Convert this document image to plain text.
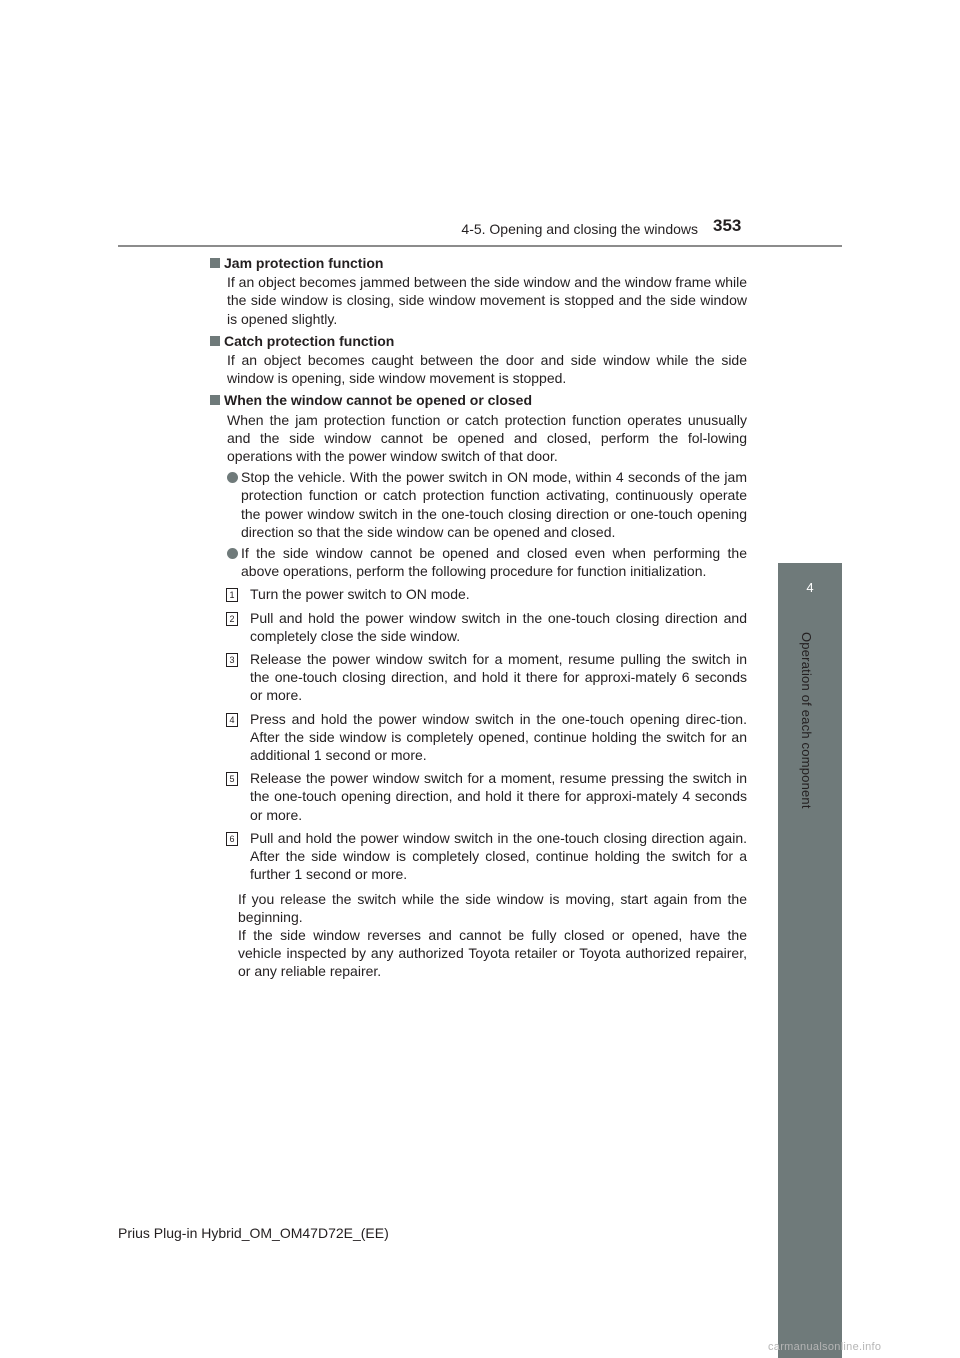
4-5. Opening and closing the windows 353
4
Operation of each component
Jam protection function
If an object becomes jammed between the side window and the window frame while the side window is closing, side window movement is stopped and the side window is opened slightly.
Catch protection function
If an object becomes caught between the door and side window while the side window is opening, side window movement is stopped.
When the window cannot be opened or closed
When the jam protection function or catch protection function operates unusually and the side window cannot be opened and closed, perform the fol-lowing operations with the power window switch of that door.
Stop the vehicle. With the power switch in ON mode, within 4 seconds of the jam protection function or catch protection function activating, continuously operate the power window switch in the one-touch closing direction or one-touch opening direction so that the side window can be opened and closed.
If the side window cannot be opened and closed even when performing the above operations, perform the following procedure for function initialization.
1 Turn the power switch to ON mode.
2 Pull and hold the power window switch in the one-touch closing direction and completely close the side window.
3 Release the power window switch for a moment, resume pulling the switch in the one-touch closing direction, and hold it there for approxi-mately 6 seconds or more.
4 Press and hold the power window switch in the one-touch opening direc-tion. After the side window is completely opened, continue holding the switch for an additional 1 second or more.
5 Release the power window switch for a moment, resume pressing the switch in the one-touch opening direction, and hold it there for approxi-mately 4 seconds or more.
6 Pull and hold the power window switch in the one-touch closing direction again. After the side window is completely closed, continue holding the switch for a further 1 second or more.
If you release the switch while the side window is moving, start again from the beginning.
If the side window reverses and cannot be fully closed or opened, have the vehicle inspected by any authorized Toyota retailer or Toyota authorized repairer, or any reliable repairer.
Prius Plug-in Hybrid_OM_OM47D72E_(EE)
carmanualsonline.info
